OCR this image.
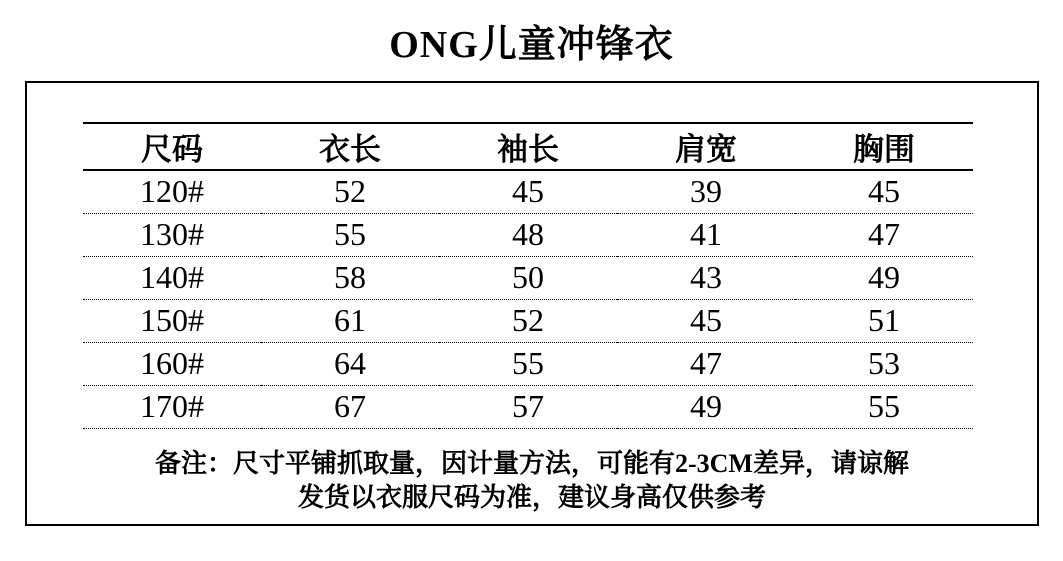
ONG儿童冲锋衣
尺码	衣长	袖长	肩宽	胸围
120#	52	45	39	45
130#	55	48	41	47
140#	58	50	43	49
150#	61	52	45	51
160#	64	55	47	53
170#	67	57	49	55
备注：尺寸平铺抓取量，因计量方法，可能有2-3CM差异，请谅解
发货以衣服尺码为准，建议身高仅供参考
